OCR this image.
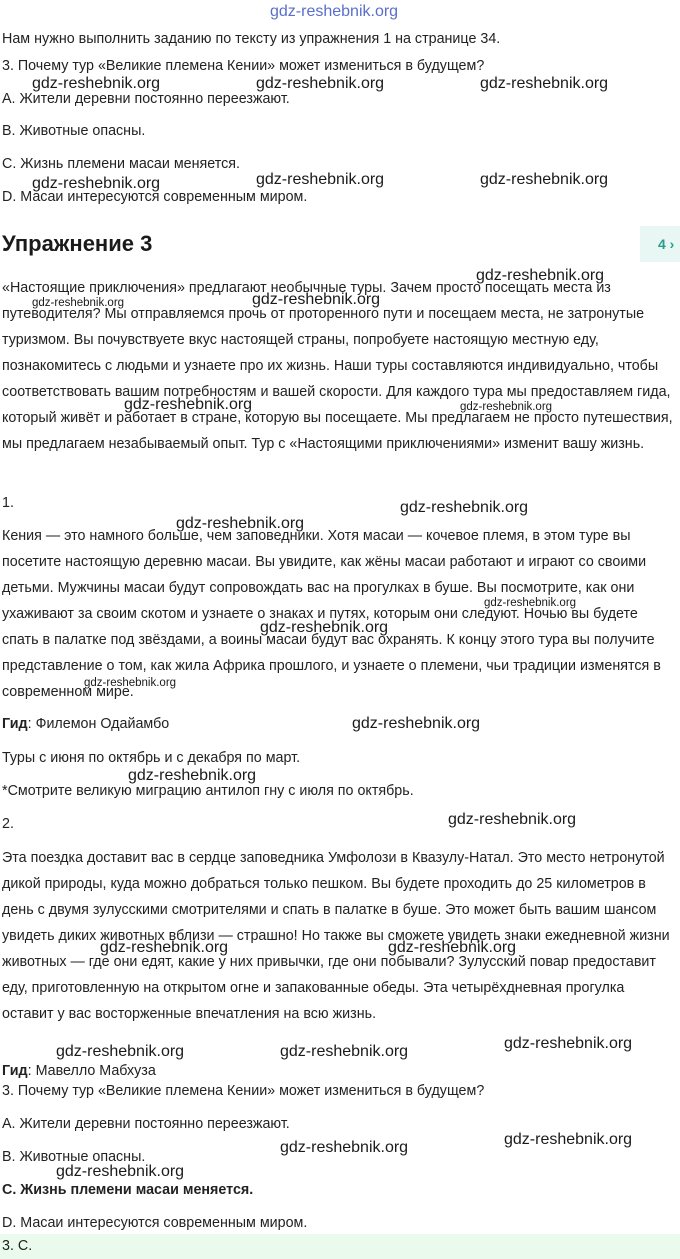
gdz-reshebnik.org

Нам нужно выполнить заданию по тексту из упражнения 1 на странице 34.

3. Почему тур «Великие племена Кении» может измениться в будущем?

A. Жители деревни постоянно переезжают.

B. Животные опасны.

C. Жизнь племени масаи меняется.

D. Масаи интересуются современным миром.

Упражнение 3	4 ›

«Настоящие приключения» предлагают необычные туры. Зачем просто посещать места из путеводителя? Мы отправляемся прочь от проторенного пути и посещаем места, не затронутые туризмом. Вы почувствуете вкус настоящей страны, попробуете настоящую местную еду, познакомитесь с людьми и узнаете про их жизнь. Наши туры составляются индивидуально, чтобы соответствовать вашим потребностям и вашей скорости. Для каждого тура мы предоставляем гида, который живёт и работает в стране, которую вы посещаете. Мы предлагаем не просто путешествия, мы предлагаем незабываемый опыт. Тур с «Настоящими приключениями» изменит вашу жизнь.

1.

Кения — это намного больше, чем заповедники. Хотя масаи — кочевое племя, в этом туре вы посетите настоящую деревню масаи. Вы увидите, как жёны масаи работают и играют со своими детьми. Мужчины масаи будут сопровождать вас на прогулках в буше. Вы посмотрите, как они ухаживают за своим скотом и узнаете о знаках и путях, которым они следуют. Ночью вы будете спать в палатке под звёздами, а воины масаи будут вас охранять. К концу этого тура вы получите представление о том, как жила Африка прошлого, и узнаете о племени, чьи традиции изменятся в современном мире.

Гид: Филемон Одайамбо

Туры с июня по октябрь и с декабря по март.

*Смотрите великую миграцию антилоп гну с июля по октябрь.

2.

Эта поездка доставит вас в сердце заповедника Умфолози в Квазулу-Натал. Это место нетронутой дикой природы, куда можно добраться только пешком. Вы будете проходить до 25 километров в день с двумя зулусскими смотрителями и спать в палатке в буше. Это может быть вашим шансом увидеть диких животных вблизи — страшно! Но также вы сможете увидеть знаки ежедневной жизни животных — где они едят, какие у них привычки, где они побывали? Зулусский повар предоставит еду, приготовленную на открытом огне и запакованные обеды. Эта четырёхдневная прогулка оставит у вас восторженные впечатления на всю жизнь.

Гид: Мавелло Мабхуза

3. Почему тур «Великие племена Кении» может измениться в будущем?

A. Жители деревни постоянно переезжают.

B. Животные опасны.

C. Жизнь племени масаи меняется.

D. Масаи интересуются современным миром.

3. C.
gdz-reshebnik.org	gdz-reshebnik.org	gdz-reshebnik.org
gdz-reshebnik.org	gdz-reshebnik.org	gdz-reshebnik.org
gdz-reshebnik.org
gdz-reshebnik.org	gdz-reshebnik.org
gdz-reshebnik.org	gdz-reshebnik.org
gdz-reshebnik.org
gdz-reshebnik.org
gdz-reshebnik.org
gdz-reshebnik.org
gdz-reshebnik.org
gdz-reshebnik.org
gdz-reshebnik.org
gdz-reshebnik.org
gdz-reshebnik.org	gdz-reshebnik.org
gdz-reshebnik.org	gdz-reshebnik.org	gdz-reshebnik.org
gdz-reshebnik.org	gdz-reshebnik.org
gdz-reshebnik.org
